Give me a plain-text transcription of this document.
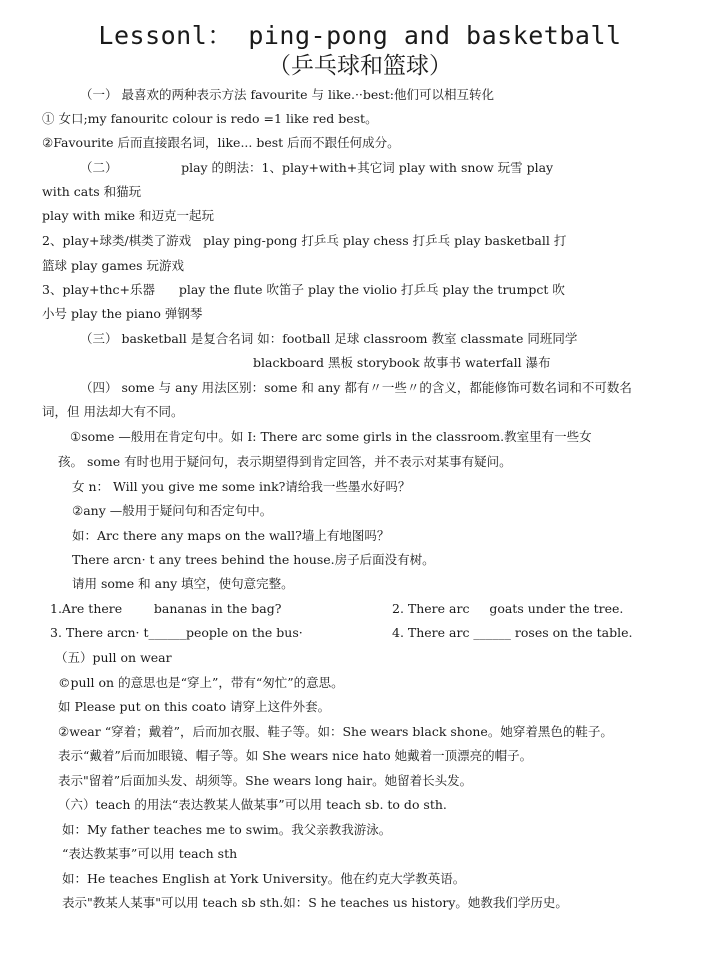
Lessonl： ping-pong and basketball
（乒乓球和篮球）
（一） 最喜欢的两种表示方法 favourite 与 like.··best:他们可以相互转化
① 女口;my fanouritc colour is redo =1 like red best。
②Favourite 后而直接跟名词，like... best 后而不跟任何成分。
（二）                play 的朗法：1、play+with+其它词 play with snow 玩雪 play
with cats 和猫玩
play with mike 和迈克一起玩
2、play+球类/棋类了游戏   play ping-pong 打乒乓 play chess 打乒乓 play basketball 打
篮球 play games 玩游戏
3、play+thc+乐器      play the flute 吹笛子 play the violio 打乒乓 play the trumpct 吹
小号 play the piano 弹钢琴
（三） basketball 是复合名词 如：football 足球 classroom 教室 classmate 同班同学
blackboard 黑板 storybook 故事书 waterfall 瀑布
（四） some 与 any 用法区别：some 和 any 都有〃一些〃的含义，都能修饰可数名词和不可数名
词，但 用法却大有不同。
①some —般用在肯定句中。如 I: There arc some girls in the classroom.教室里有一些女
孩。 some 有时也用于疑问句，表示期望得到肯定回答，并不表示对某事有疑问。
女 n： Will you give me some ink?请给我一些墨水好吗？
②any —般用于疑问句和否定句中。
如：Arc there any maps on the wall?墙上有地图吗？
There arcn· t any trees behind the house.房子后面没有树。
请用 some 和 any 填空，使句意完整。
1.Are there        bananas in the bag?	2. There arc     goats under the tree.
3. There arcn· t______people on the bus·	4. There arc ______ roses on the table.
（五）pull on wear
©pull on 的意思也是“穿上”，带有“匆忙”的意思。
如 Please put on this coato 请穿上这件外套。
②wear “穿着；戴着”，后而加衣服、鞋子等。如：She wears black shone。她穿着黑色的鞋子。
表示“戴着”后而加眼镜、帽子等。如 She wears nice hato 她戴着一顶漂亮的帽子。
表示"留着”后面加头发、胡须等。She wears long hair。她留着长头发。
（六）teach 的用法“表达教某人做某事”可以用 teach sb. to do sth.
如：My father teaches me to swim。我父亲教我游泳。
“表达教某事”可以用 teach sth
如：He teaches English at York University。他在约克大学教英语。
表示"教某人某事"可以用 teach sb sth.如：S he teaches us history。她教我们学历史。
